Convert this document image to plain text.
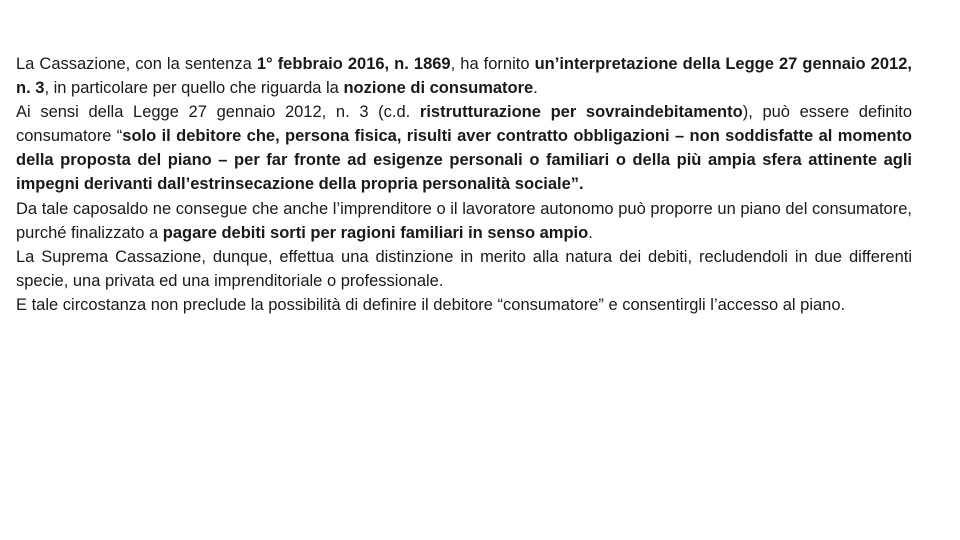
La Cassazione, con la sentenza 1° febbraio 2016, n. 1869, ha fornito un’interpretazione della Legge 27 gennaio 2012, n. 3, in particolare per quello che riguarda la nozione di consumatore.

Ai sensi della Legge 27 gennaio 2012, n. 3 (c.d. ristrutturazione per sovraindebitamento), può essere definito consumatore “solo il debitore che, persona fisica, risulti aver contratto obbligazioni – non soddisfatte al momento della proposta del piano – per far fronte ad esigenze personali o familiari o della più ampia sfera attinente agli impegni derivanti dall’estrinsecazione della propria personalità sociale”.

Da tale caposaldo ne consegue che anche l’imprenditore o il lavoratore autonomo può proporre un piano del consumatore, purché finalizzato a pagare debiti sorti per ragioni familiari in senso ampio.

La Suprema Cassazione, dunque, effettua una distinzione in merito alla natura dei debiti, recludendoli in due differenti specie, una privata ed una imprenditoriale o professionale.

E tale circostanza non preclude la possibilità di definire il debitore “consumatore” e consentirgli l’accesso al piano.
